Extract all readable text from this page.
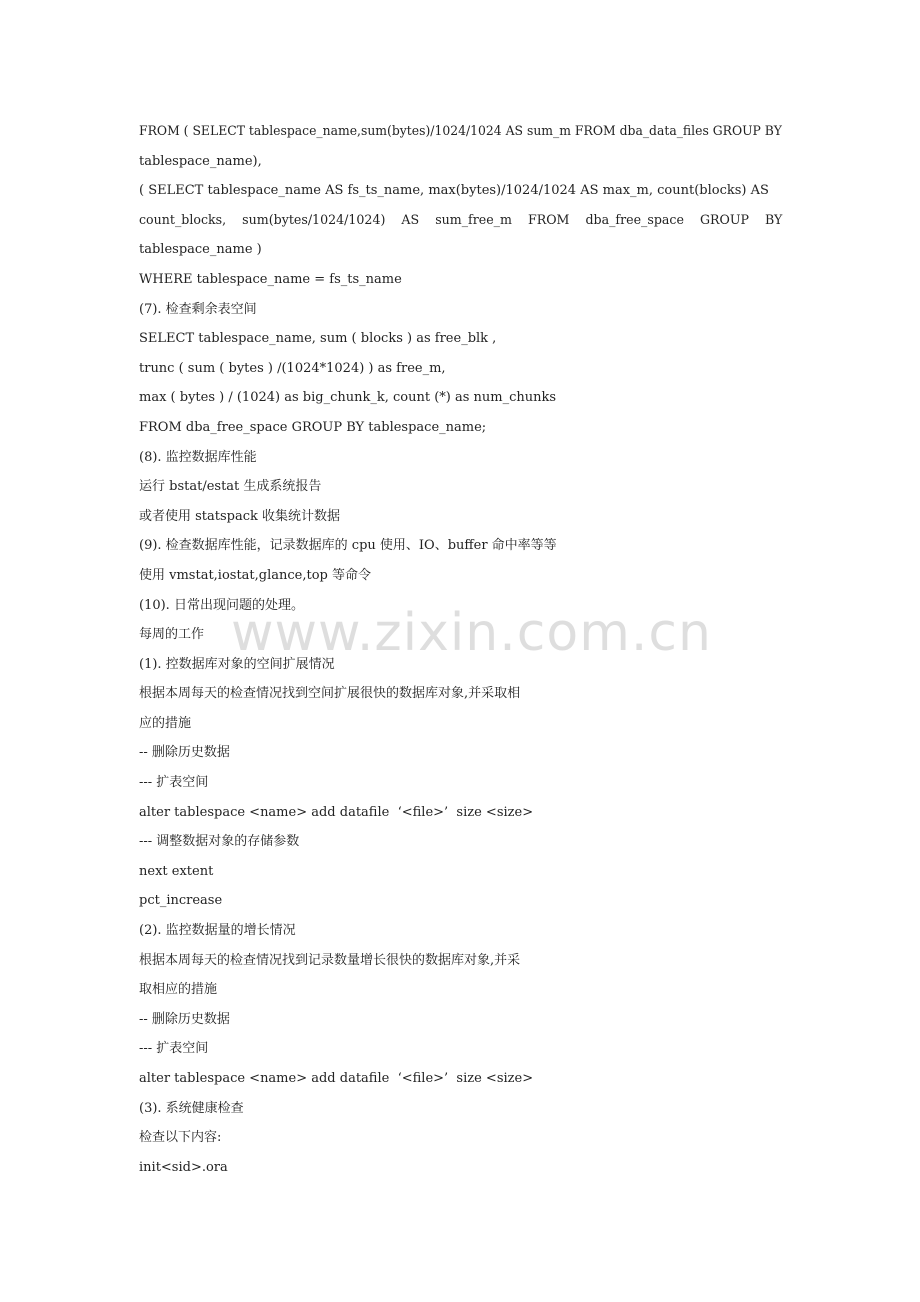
FROM ( SELECT tablespace_name,sum(bytes)/1024/1024 AS sum_m FROM dba_data_files GROUP BY
tablespace_name),
( SELECT tablespace_name AS fs_ts_name, max(bytes)/1024/1024 AS max_m, count(blocks) AS
count_blocks,    sum(bytes/1024/1024)    AS    sum_free_m    FROM    dba_free_space    GROUP    BY
tablespace_name )
WHERE tablespace_name = fs_ts_name
(7). 检查剩余表空间
SELECT tablespace_name, sum ( blocks ) as free_blk ,
trunc ( sum ( bytes ) /(1024*1024) ) as free_m,
max ( bytes ) / (1024) as big_chunk_k, count (*) as num_chunks
FROM dba_free_space GROUP BY tablespace_name;
(8). 监控数据库性能
运行 bstat/estat 生成系统报告
或者使用 statspack 收集统计数据
(9). 检查数据库性能，记录数据库的 cpu 使用、IO、buffer 命中率等等
使用 vmstat,iostat,glance,top 等命令
(10). 日常出现问题的处理。
每周的工作
(1). 控数据库对象的空间扩展情况
根据本周每天的检查情况找到空间扩展很快的数据库对象,并采取相
应的措施
-- 删除历史数据
--- 扩表空间
alter tablespace <name> add datafile  ‘<file>’  size <size>
--- 调整数据对象的存储参数
next extent
pct_increase
(2). 监控数据量的增长情况
根据本周每天的检查情况找到记录数量增长很快的数据库对象,并采
取相应的措施
-- 删除历史数据
--- 扩表空间
alter tablespace <name> add datafile  ‘<file>’  size <size>
(3). 系统健康检查
检查以下内容:
init<sid>.ora
www.zixin.com.cn
